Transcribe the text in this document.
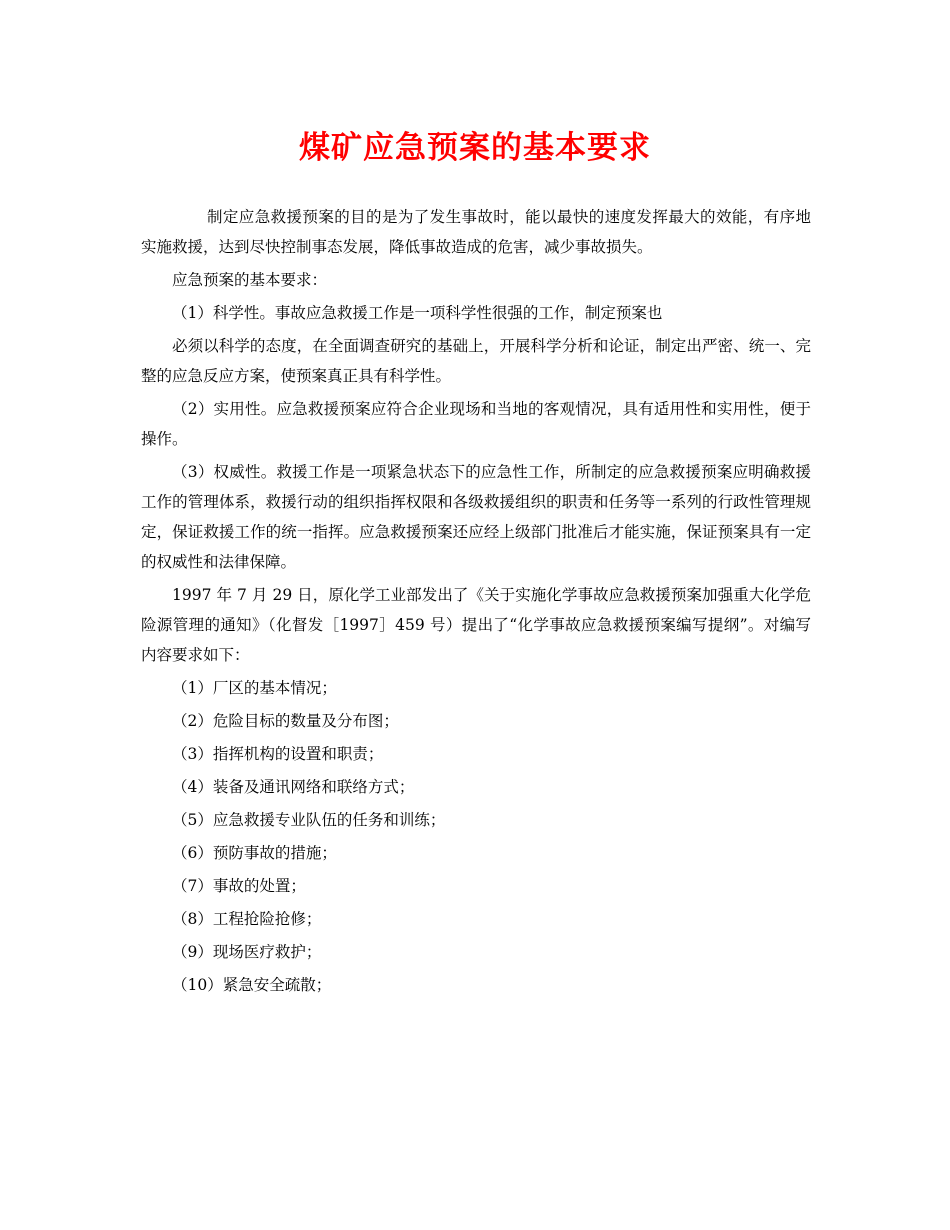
煤矿应急预案的基本要求

制定应急救援预案的目的是为了发生事故时，能以最快的速度发挥最大的效能，有序地实施救援，达到尽快控制事态发展，降低事故造成的危害，减少事故损失。

应急预案的基本要求：

（1）科学性。事故应急救援工作是一项科学性很强的工作，制定预案也

必须以科学的态度，在全面调查研究的基础上，开展科学分析和论证，制定出严密、统一、完整的应急反应方案，使预案真正具有科学性。

（2）实用性。应急救援预案应符合企业现场和当地的客观情况，具有适用性和实用性，便于操作。

（3）权威性。救援工作是一项紧急状态下的应急性工作，所制定的应急救援预案应明确救援工作的管理体系，救援行动的组织指挥权限和各级救援组织的职责和任务等一系列的行政性管理规定，保证救援工作的统一指挥。应急救援预案还应经上级部门批准后才能实施，保证预案具有一定的权威性和法律保障。

1997 年 7 月 29 日，原化学工业部发出了《关于实施化学事故应急救援预案加强重大化学危险源管理的通知》（化督发［1997］459 号）提出了“化学事故应急救援预案编写提纲”。对编写内容要求如下：

（1）厂区的基本情况；

（2）危险目标的数量及分布图；

（3）指挥机构的设置和职责；

（4）装备及通讯网络和联络方式；

（5）应急救援专业队伍的任务和训练；

（6）预防事故的措施；

（7）事故的处置；

（8）工程抢险抢修；

（9）现场医疗救护；

（10）紧急安全疏散；
